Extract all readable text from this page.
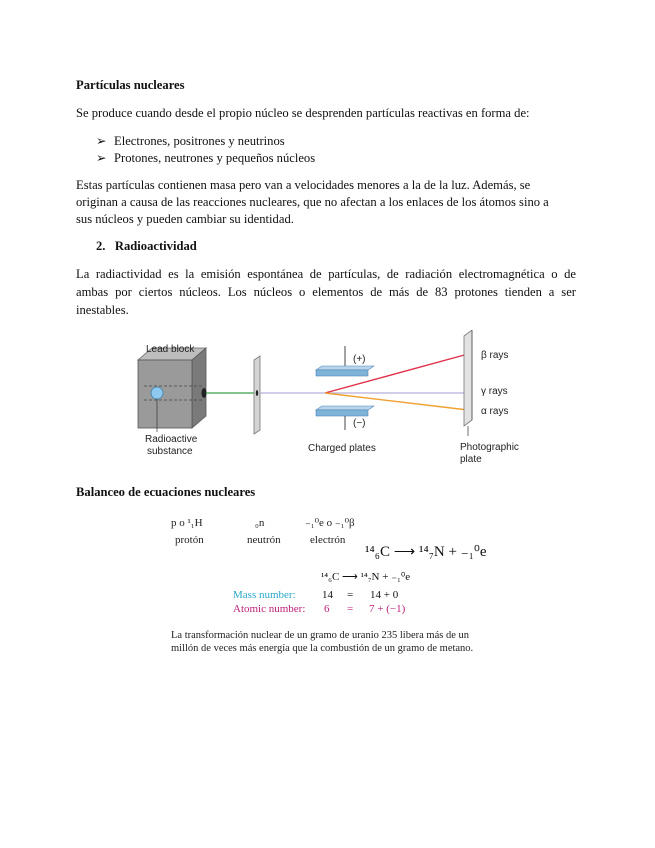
Partículas nucleares
Se produce cuando desde el propio núcleo se desprenden partículas reactivas en forma de:
➢ Electrones, positrones y neutrinos
➢ Protones, neutrones y pequeños núcleos
Estas partículas contienen masa pero van a velocidades menores a la de la luz. Además, se
originan a causa de las reacciones nucleares, que no afectan a los enlaces de los átomos sino a
sus núcleos y pueden cambiar su identidad.
2. Radioactividad
La radiactividad es la emisión espontánea de partículas, de radiación electromagnética o de
ambas por ciertos núcleos. Los núcleos o elementos de más de 83 protones tienden a ser
inestables.
Lead block
Radioactive
substance
(+)
(−)
Charged plates
β rays
γ rays
α rays
Photographic
plate
Balanceo de ecuaciones nucleares
p o ¹₁H	₀n	₋₁⁰e o ₋₁⁰β
protón	neutrón	electrón
¹⁴₆C ⟶ ¹⁴₇N + ₋₁⁰e
¹⁴₆C ⟶ ¹⁴₇N + ₋₁⁰e
Mass number: 14 = 14 + 0
Atomic number: 6 = 7 + (−1)
La transformación nuclear de un gramo de uranio 235 libera más de un
millón de veces más energía que la combustión de un gramo de metano.
